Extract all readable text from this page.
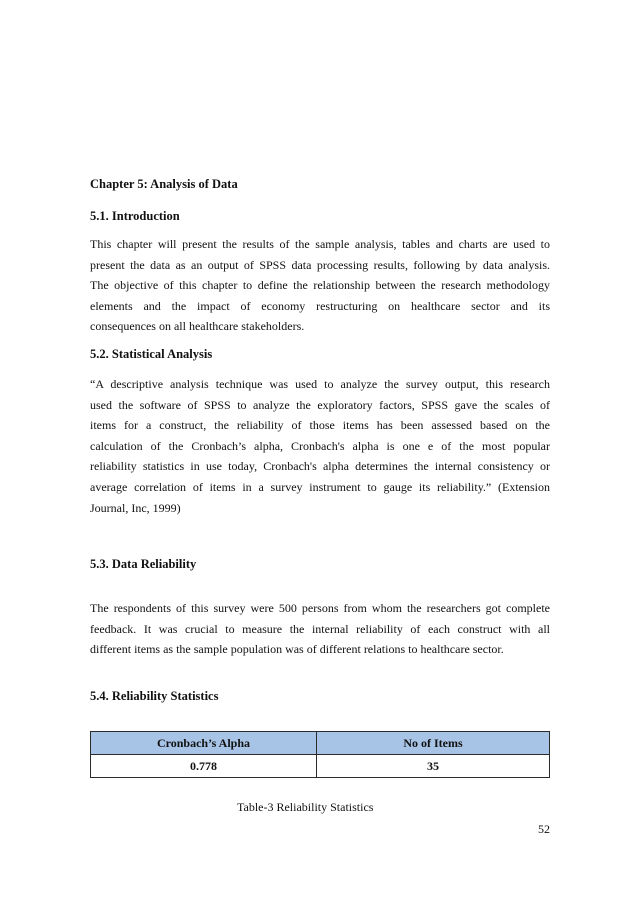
Chapter 5: Analysis of Data
5.1. Introduction
This chapter will present the results of the sample analysis, tables and charts are used to
present the data as an output of SPSS data processing results, following by data analysis.
The objective of this chapter to define the relationship between the research methodology
elements and the impact of economy restructuring on healthcare sector and its
consequences on all healthcare stakeholders.
5.2. Statistical Analysis
“A descriptive analysis technique was used to analyze the survey output, this research
used the software of SPSS to analyze the exploratory factors, SPSS gave the scales of
items for a construct, the reliability of those items has been assessed based on the
calculation of the Cronbach’s alpha, Cronbach's alpha is one e of the most popular
reliability statistics in use today, Cronbach's alpha determines the internal consistency or
average correlation of items in a survey instrument to gauge its reliability.” (Extension
Journal, Inc, 1999)
5.3. Data Reliability
The respondents of this survey were 500 persons from whom the researchers got complete
feedback. It was crucial to measure the internal reliability of each construct with all
different items as the sample population was of different relations to healthcare sector.
5.4. Reliability Statistics
Cronbach’s Alpha	No of Items
0.778	35
Table-3 Reliability Statistics
52
